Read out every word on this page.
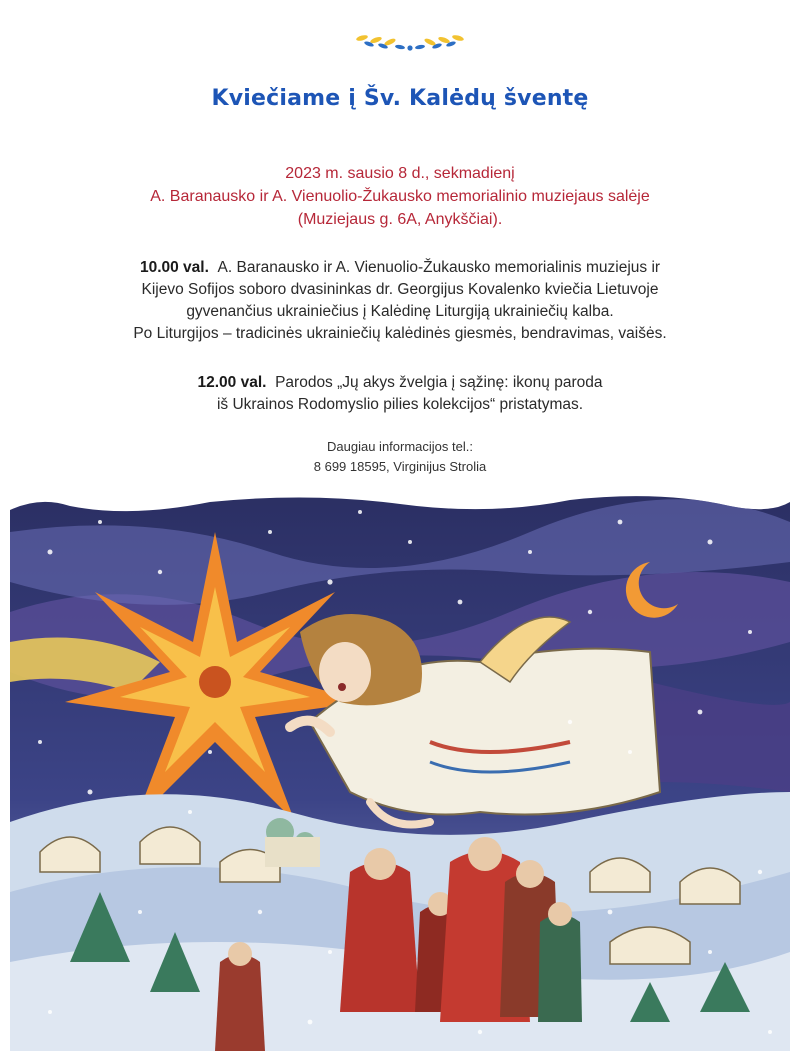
Kviečiame į Šv. Kalėdų šventę
2023 m. sausio 8 d., sekmadienį
A. Baranausko ir A. Vienuolio-Žukausko memorialinio muziejaus salėje
(Muziejaus g. 6A, Anykščiai).
10.00 val. A. Baranausko ir A. Vienuolio-Žukausko memorialinis muziejus ir
Kijevo Sofijos soboro dvasininkas dr. Georgijus Kovalenko kviečia Lietuvoje
gyvenančius ukrainiečius į Kalėdinę Liturgiją ukrainiečių kalba.
Po Liturgijos – tradicinės ukrainiečių kalėdinės giesmės, bendravimas, vaišės.
12.00 val. Parodos „Jų akys žvelgia į sąžinę: ikonų paroda
iš Ukrainos Rodomyslio pilies kolekcijos“ pristatymas.
Daugiau informacijos tel.:
8 699 18595, Virginijus Strolia
